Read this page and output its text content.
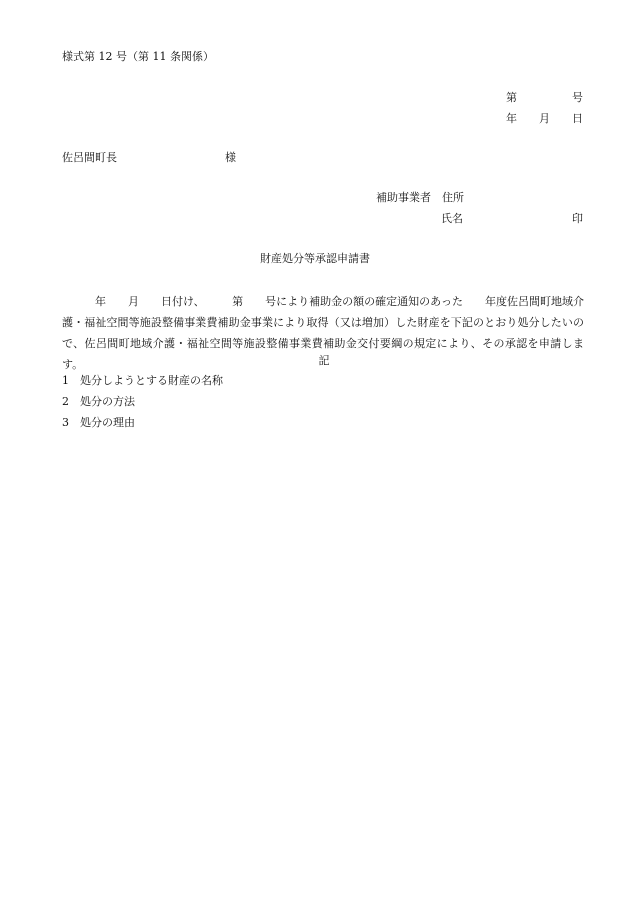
様式第 12 号（第 11 条関係）
第　　　　　号
年　　月　　日
佐呂間町長	様
補助事業者　住所
氏名	印
財産処分等承認申請書
　　　年　　月　　日付け、　　　第　　号により補助金の額の確定通知のあった　　年度佐呂間町地域介護・福祉空間等施設整備事業費補助金事業により取得（又は増加）した財産を下記のとおり処分したいので、佐呂間町地域介護・福祉空間等施設整備事業費補助金交付要綱の規定により、その承認を申請します。	記
1　処分しようとする財産の名称
2　処分の方法
3　処分の理由
